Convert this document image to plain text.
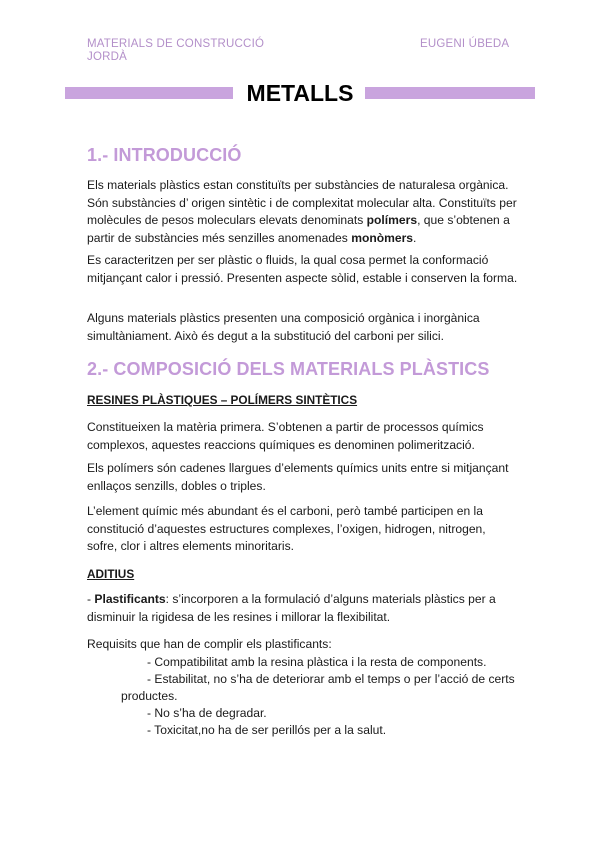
MATERIALS DE CONSTRUCCIÓ
JORDÀ
EUGENI ÚBEDA
METALLS
1.- INTRODUCCIÓ
Els materials plàstics estan constituïts per substàncies de naturalesa orgànica. Són substàncies d’ origen sintètic i de complexitat molecular alta. Constituïts per molècules de pesos moleculars elevats denominats polímers, que s’obtenen a partir de substàncies més senzilles anomenades monòmers.
Es caracteritzen per ser plàstic o fluids, la qual cosa permet la conformació mitjançant calor i pressió. Presenten aspecte sòlid, estable i conserven la forma.
Alguns materials plàstics presenten una composició orgànica i inorgànica simultàniament. Això és degut a la substitució del carboni per silici.
2.- COMPOSICIÓ DELS MATERIALS PLÀSTICS
RESINES PLÀSTIQUES – POLÍMERS SINTÈTICS
Constitueixen la matèria primera. S’obtenen a partir de processos químics complexos, aquestes reaccions químiques es denominen polimerització.
Els polímers són cadenes llargues d’elements químics units entre si mitjançant enllaços senzills, dobles o triples.
L’element químic més abundant és el carboni, però també participen en la constitució d’aquestes estructures complexes, l’oxigen, hidrogen, nitrogen, sofre, clor i altres elements minoritaris.
ADITIUS
- Plastificants: s’incorporen a la formulació d’alguns materials plàstics per a disminuir la rigidesa de les resines i millorar la flexibilitat.
Requisits que han de complir els plastificants:
- Compatibilitat amb la resina plàstica i la resta de components.
- Estabilitat, no s’ha de deteriorar amb el temps o per l’acció de certs
productes.
- No s’ha de degradar.
- Toxicitat,no ha de ser perillós per a la salut.
